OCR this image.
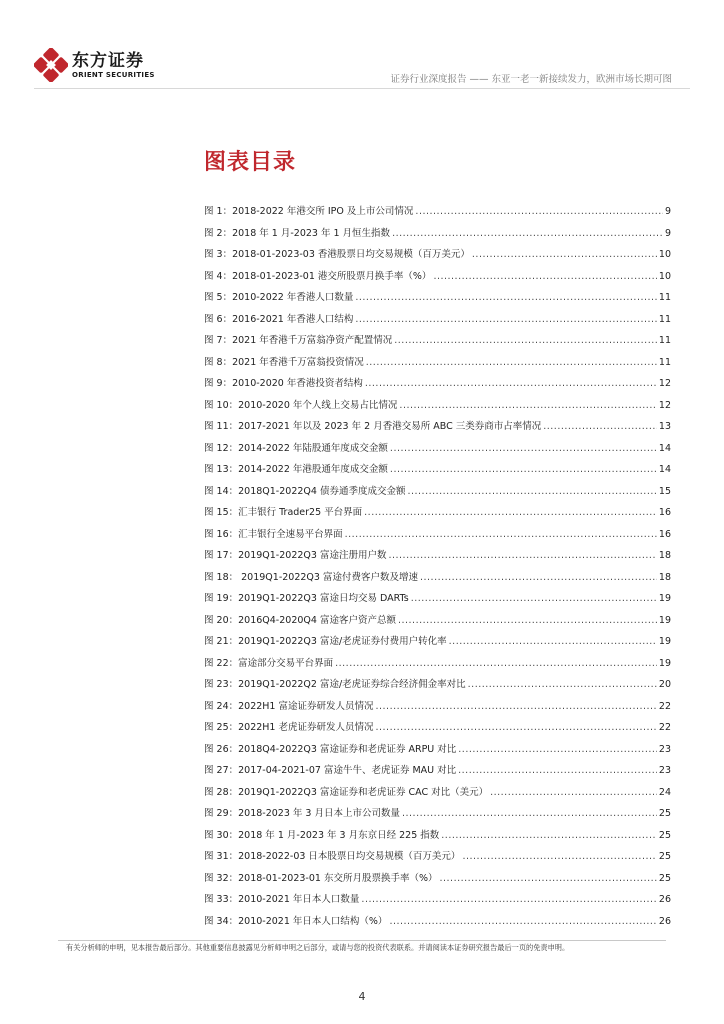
东方证券
ORIENT SECURITIES	证券行业深度报告 —— 东亚一老一新接续发力，欧洲市场长期可图
图表目录
图 1：2018-2022 年港交所 IPO 及上市公司情况 .....	9
图 2：2018 年 1 月-2023 年 1 月恒生指数 .....	9
图 3：2018-01-2023-03 香港股票日均交易规模（百万美元） .....	10
图 4：2018-01-2023-01 港交所股票月换手率（%） .....	10
图 5：2010-2022 年香港人口数量 .....	11
图 6：2016-2021 年香港人口结构 .....	11
图 7：2021 年香港千万富翁净资产配置情况 .....	11
图 8：2021 年香港千万富翁投资情况 .....	11
图 9：2010-2020 年香港投资者结构 .....	12
图 10：2010-2020 年个人线上交易占比情况 .....	12
图 11：2017-2021 年以及 2023 年 2 月香港交易所 ABC 三类券商市占率情况 .....	13
图 12：2014-2022 年陆股通年度成交金额 .....	14
图 13：2014-2022 年港股通年度成交金额 .....	14
图 14：2018Q1-2022Q4 债券通季度成交金额 .....	15
图 15：汇丰银行 Trader25 平台界面 .....	16
图 16：汇丰银行全速易平台界面 .....	16
图 17：2019Q1-2022Q3 富途注册用户数 .....	18
图 18： 2019Q1-2022Q3 富途付费客户数及增速 .....	18
图 19：2019Q1-2022Q3 富途日均交易 DARTs .....	19
图 20：2016Q4-2020Q4 富途客户资产总额 .....	19
图 21：2019Q1-2022Q3 富途/老虎证券付费用户转化率 .....	19
图 22：富途部分交易平台界面 .....	19
图 23：2019Q1-2022Q2 富途/老虎证券综合经济佣金率对比 .....	20
图 24：2022H1 富途证券研发人员情况 .....	22
图 25：2022H1 老虎证券研发人员情况 .....	22
图 26：2018Q4-2022Q3 富途证券和老虎证券 ARPU 对比 .....	23
图 27：2017-04-2021-07 富途牛牛、老虎证券 MAU 对比 .....	23
图 28：2019Q1-2022Q3 富途证券和老虎证券 CAC 对比（美元） .....	24
图 29：2018-2023 年 3 月日本上市公司数量 .....	25
图 30：2018 年 1 月-2023 年 3 月东京日经 225 指数 .....	25
图 31：2018-2022-03 日本股票日均交易规模（百万美元） .....	25
图 32：2018-01-2023-01 东交所月股票换手率（%） .....	25
图 33：2010-2021 年日本人口数量 .....	26
图 34：2010-2021 年日本人口结构（%） .....	26
有关分析师的申明，见本报告最后部分。其他重要信息披露见分析师申明之后部分，或请与您的投资代表联系。并请阅读本证券研究报告最后一页的免责申明。
4
